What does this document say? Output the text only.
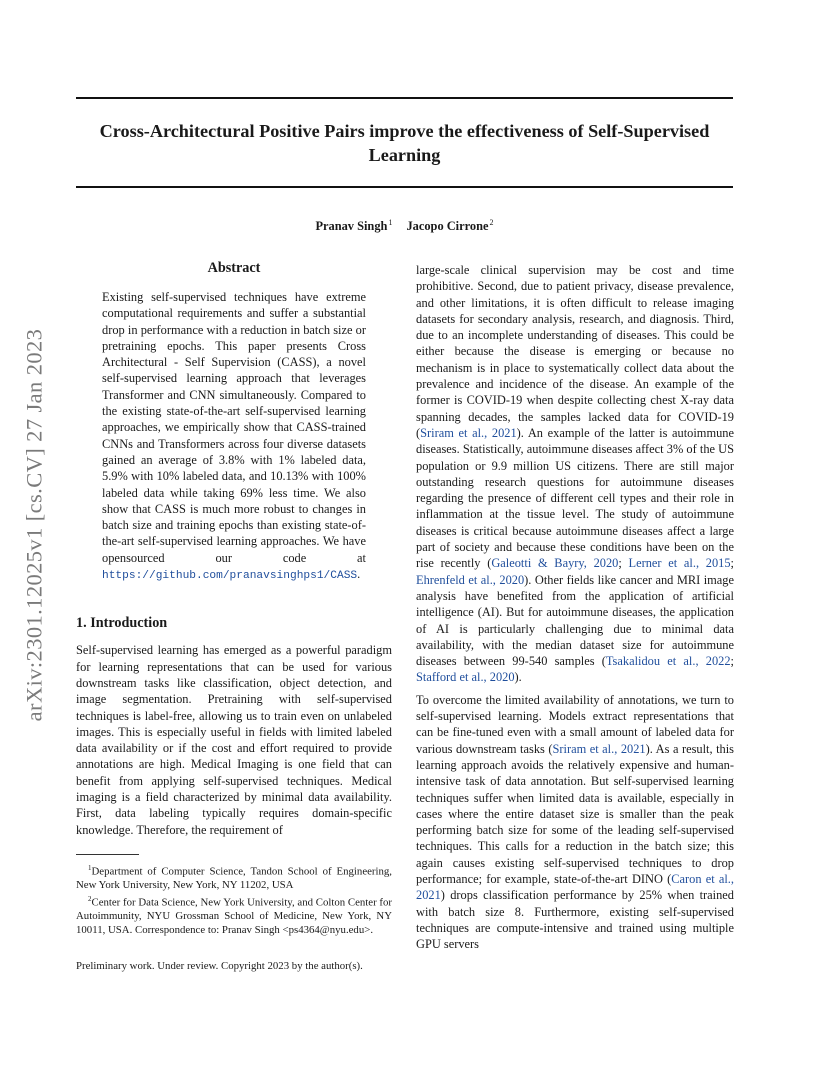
arXiv:2301.12025v1 [cs.CV] 27 Jan 2023
Cross-Architectural Positive Pairs improve the effectiveness of Self-Supervised Learning
Pranav Singh $^1$ Jacopo Cirrone $^2$
Abstract
Existing self-supervised techniques have extreme computational requirements and suffer a substantial drop in performance with a reduction in batch size or pretraining epochs. This paper presents Cross Architectural - Self Supervision (CASS), a novel self-supervised learning approach that leverages Transformer and CNN simultaneously. Compared to the existing state-of-the-art self-supervised learning approaches, we empirically show that CASS-trained CNNs and Transformers across four diverse datasets gained an average of 3.8% with 1% labeled data, 5.9% with 10% labeled data, and 10.13% with 100% labeled data while taking 69% less time. We also show that CASS is much more robust to changes in batch size and training epochs than existing state-of-the-art self-supervised learning approaches. We have opensourced our code at https://github.com/pranavsinghps1/CASS.
1. Introduction

Self-supervised learning has emerged as a powerful paradigm for learning representations that can be used for various downstream tasks like classification, object detection, and image segmentation. Pretraining with self-supervised techniques is label-free, allowing us to train even on unlabeled images. This is especially useful in fields with limited labeled data availability or if the cost and effort required to provide annotations are high. Medical Imaging is one field that can benefit from applying self-supervised techniques. Medical imaging is a field characterized by minimal data availability. First, data labeling typically requires domain-specific knowledge. Therefore, the requirement of

$^1$Department of Computer Science, Tandon School of Engineering, New York University, New York, NY 11202, USA

$^2$Center for Data Science, New York University, and Colton Center for Autoimmunity, NYU Grossman School of Medicine, New York, NY 10011, USA. Correspondence to: Pranav Singh <ps4364@nyu.edu>.

Preliminary work. Under review. Copyright 2023 by the author(s).

large-scale clinical supervision may be cost and time prohibitive. Second, due to patient privacy, disease prevalence, and other limitations, it is often difficult to release imaging datasets for secondary analysis, research, and diagnosis. Third, due to an incomplete understanding of diseases. This could be either because the disease is emerging or because no mechanism is in place to systematically collect data about the prevalence and incidence of the disease. An example of the former is COVID-19 when despite collecting chest X-ray data spanning decades, the samples lacked data for COVID-19 (Sriram et al., 2021). An example of the latter is autoimmune diseases. Statistically, autoimmune diseases affect 3% of the US population or 9.9 million US citizens. There are still major outstanding research questions for autoimmune diseases regarding the presence of different cell types and their role in inflammation at the tissue level. The study of autoimmune diseases is critical because autoimmune diseases affect a large part of society and because these conditions have been on the rise recently (Galeotti & Bayry, 2020; Lerner et al., 2015; Ehrenfeld et al., 2020). Other fields like cancer and MRI image analysis have benefited from the application of artificial intelligence (AI). But for autoimmune diseases, the application of AI is particularly challenging due to minimal data availability, with the median dataset size for autoimmune diseases between 99-540 samples (Tsakalidou et al., 2022; Stafford et al., 2020).

To overcome the limited availability of annotations, we turn to self-supervised learning. Models extract representations that can be fine-tuned even with a small amount of labeled data for various downstream tasks (Sriram et al., 2021). As a result, this learning approach avoids the relatively expensive and human-intensive task of data annotation. But self-supervised learning techniques suffer when limited data is available, especially in cases where the entire dataset size is smaller than the peak performing batch size for some of the leading self-supervised techniques. This calls for a reduction in the batch size; this again causes existing self-supervised techniques to drop performance; for example, state-of-the-art DINO (Caron et al., 2021) drops classification performance by 25% when trained with batch size 8. Furthermore, existing self-supervised techniques are compute-intensive and trained using multiple GPU servers
